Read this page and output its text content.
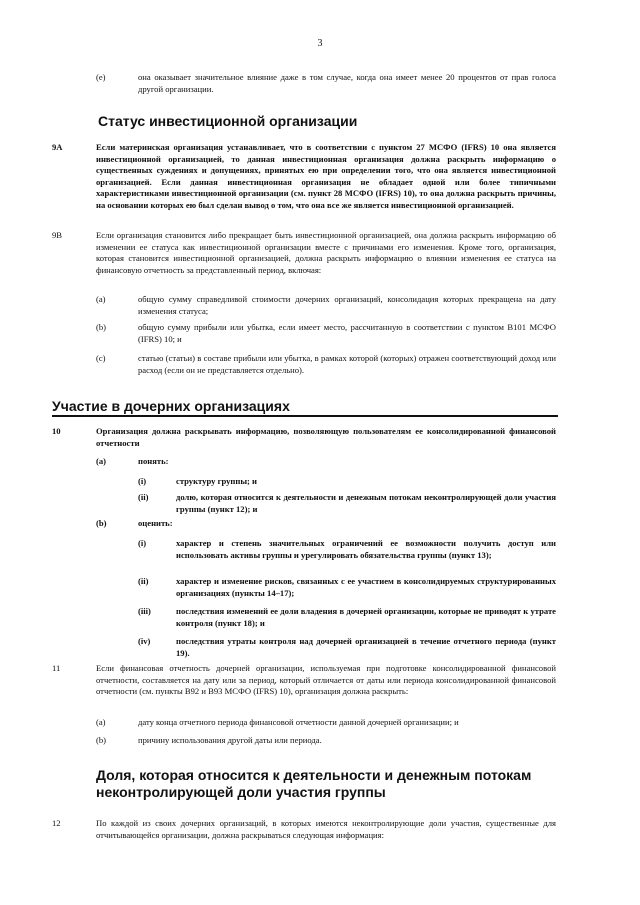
3
(e)	она оказывает значительное влияние даже в том случае, когда она имеет менее 20 процентов от прав голоса другой организации.
Статус инвестиционной организации
9A	Если материнская организация устанавливает, что в соответствии с пунктом 27 МСФО (IFRS) 10 она является инвестиционной организацией, то данная инвестиционная организация должна раскрыть информацию о существенных суждениях и допущениях, принятых ею при определении того, что она является инвестиционной организацией. Если данная инвестиционная организация не обладает одной или более типичными характеристиками инвестиционной организации (см. пункт 28 МСФО (IFRS) 10), то она должна раскрыть причины, на основании которых ею был сделан вывод о том, что она все же является инвестиционной организацией.
9B	Если организация становится либо прекращает быть инвестиционной организацией, она должна раскрыть информацию об изменении ее статуса как инвестиционной организации вместе с причинами его изменения. Кроме того, организация, которая становится инвестиционной организацией, должна раскрыть информацию о влиянии изменения ее статуса на финансовую отчетность за представленный период, включая:
(a)	общую сумму справедливой стоимости дочерних организаций, консолидация которых прекращена на дату изменения статуса;
(b)	общую сумму прибыли или убытка, если имеет место, рассчитанную в соответствии с пунктом B101 МСФО (IFRS) 10; и
(c)	статью (статьи) в составе прибыли или убытка, в рамках которой (которых) отражен соответствующий доход или расход (если он не представляется отдельно).
Участие в дочерних организациях
10	Организация должна раскрывать информацию, позволяющую пользователям ее консолидированной финансовой отчетности
(a)	понять:
(i)	структуру группы; и
(ii)	долю, которая относится к деятельности и денежным потокам неконтролирующей доли участия группы (пункт 12); и
(b)	оценить:
(i)	характер и степень значительных ограничений ее возможности получить доступ или использовать активы группы и урегулировать обязательства группы (пункт 13);
(ii)	характер и изменение рисков, связанных с ее участием в консолидируемых структурированных организациях (пункты 14–17);
(iii)	последствия изменений ее доли владения в дочерней организации, которые не приводят к утрате контроля (пункт 18); и
(iv)	последствия утраты контроля над дочерней организацией в течение отчетного периода (пункт 19).
11	Если финансовая отчетность дочерней организации, используемая при подготовке консолидированной финансовой отчетности, составляется на дату или за период, который отличается от даты или периода консолидированной финансовой отчетности (см. пункты B92 и B93 МСФО (IFRS) 10), организация должна раскрыть:
(a)	дату конца отчетного периода финансовой отчетности данной дочерней организации; и
(b)	причину использования другой даты или периода.
Доля, которая относится к деятельности и денежным потокам неконтролирующей доли участия группы
12	По каждой из своих дочерних организаций, в которых имеются неконтролирующие доли участия, существенные для отчитывающейся организации, должна раскрываться следующая информация:
